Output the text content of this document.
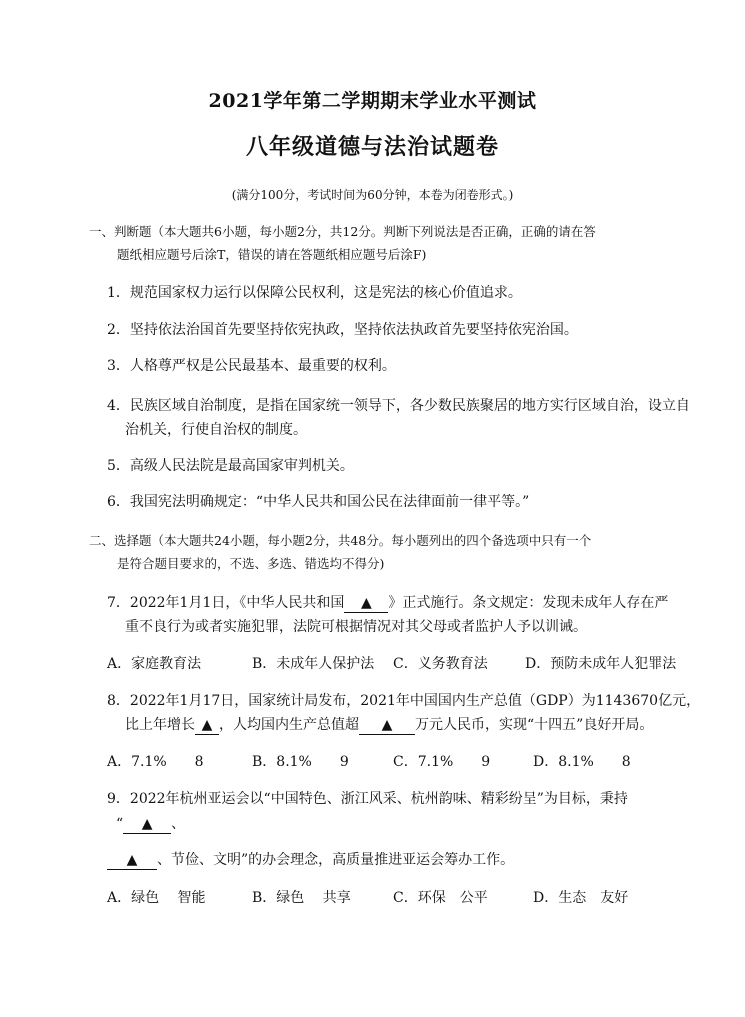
2021学年第二学期期末学业水平测试
八年级道德与法治试题卷
(满分100分，考试时间为60分钟，本卷为闭卷形式。)
一、判断题（本大题共6小题，每小题2分，共12分。判断下列说法是否正确，正确的请在答
题纸相应题号后涂T，错误的请在答题纸相应题号后涂F)
1．规范国家权力运行以保障公民权利，这是宪法的核心价值追求。
2．坚持依法治国首先要坚持依宪执政，坚持依法执政首先要坚持依宪治国。
3．人格尊严权是公民最基本、最重要的权利。
4．民族区域自治制度，是指在国家统一领导下，各少数民族聚居的地方实行区域自治，设立自
治机关，行使自治权的制度。
5．高级人民法院是最高国家审判机关。
6．我国宪法明确规定：“中华人民共和国公民在法律面前一律平等。”
二、选择题（本大题共24小题，每小题2分，共48分。每小题列出的四个备选项中只有一个
是符合题目要求的，不选、多选、错选均不得分)
7．2022年1月1日，《中华人民共和国 ▲ 》正式施行。条文规定：发现未成年人存在严
重不良行为或者实施犯罪，法院可根据情况对其父母或者监护人予以训诫。
A．家庭教育法	B．未成年人保护法 C．义务教育法	D．预防未成年人犯罪法
8．2022年1月17日，国家统计局发布，2021年中国国内生产总值（GDP）为1143670亿元，
比上年增长 ▲ ，人均国内生产总值超 ▲ 万元人民币，实现“十四五”良好开局。
A．7.1%　　8	B．8.1%　　9	C．7.1%　　9	D．8.1%　　8
9．2022年杭州亚运会以“中国特色、浙江风采、杭州韵味、精彩纷呈”为目标，秉持
“ ▲ 、
▲ 、节俭、文明”的办会理念，高质量推进亚运会筹办工作。
A．绿色　 智能	B．绿色　 共享	C．环保　公平	D．生态　友好
